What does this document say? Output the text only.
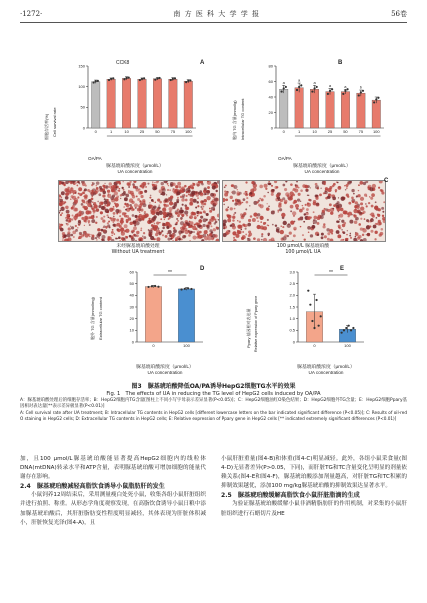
·1272·	南 方 医 科 大 学 学 报	56卷
0
50
100
150
0	1	10	25	50	75 100
A
CCK8
细胞存活率(%) Cell survival rate
OA/PA
脲基琥珀酸浓度（μmol/L）
UA concentration
0
20
40
60
80
0
a
1
a
10
a
25
a
50
a
75
b
100
B
胞内 TG 含量(mmol/g) Intracellular TG content
OA/PA
脲基琥珀酸浓度（μmol/L）
UA concentration
C
未经脲基琥珀酸处理
Without UA treatment
100 μmol/L 脲基琥珀酸
100 μmol/L UA
0
10
20
30
40
50
60
0	100
**
D
胞外 TG 含量(mmol/mg) Extracellular TG content
脲基琥珀酸浓度（μmol/L）
UA concentration
0
0.5
1.0
1.5
2.0
2.5
3.0
0	100
**
E
Ppary 基因相对表达量 Relative expression of Ppary gene
脲基琥珀酸浓度（μmol/L）
UA concentration
图3　脲基琥珀酸降低OA/PA诱导HepG2细胞TG水平的效果
Fig. 1　The effects of UA in reducing the TG level of HepG2 cells induced by OA/PA
A：脲基琥珀酸处理后的细胞存活率；B：HepG2细胞内TG含量[图柱上不同小写字母表示差异显著(P<0.05)]；C：HepG2细胞油红O染色结果；D：HepG2细胞外TG含量；E：HepG2细胞Ppary基因相对表达量[**表示差异极显著(P<0.01)]
A: Cell survival rate after UA treatment; B: Intracellular TG contents in HepG2 cells [different lowercase letters on the bar indicated significant difference (P<0.05)]; C: Results of oil-red O staining in HepG2 cells; D: Extracellular TG contents in HepG2 cells; E: Relative expression of Ppary gene in HepG2 cells [** indicated extremely significant differences (P<0.01)]

加，且100 μmol/L脲基琥珀酸能显著提高HepG2细胞内的线粒体DNA(mtDNA)转录水平和ATP含量，表明脲基琥珀酸可增加细胞的能量代谢存在影响。

2.4　脲基琥珀酸减轻高脂饮食诱导小鼠脂肪肝的发生

小鼠饲养12周结束后，采用测量瘦白处死小鼠，收集各组小鼠肝脏组织并进行拍照、称重。从形态学角度观察发现，在高脂饮食诱导小鼠日粮中添加脲基琥珀酸后，其肝脏脂肪变性程度明显减轻，其体表现为肝脏体积减小，肝脏恢复光泽(图4-A)，且

小鼠肝脏重量(图4-B)和体重(图4-C)明显减轻。此外，各组小鼠采食量(图4-D)无显著差异(P>0.05，下同)，而肝脏TG和TC含量变化呈明显的剂量依赖关系(图4-E和图4-F)，脲基琥珀酸添加剂量越高，对肝脏TG和TC积累的抑制效果越优，添加100 mg/kg脲基琥珀酸的抑制效果达显著水平。

2.5　脲基琥珀酸缓解高脂饮食小鼠肝脏脂滴的生成

为验证脲基琥珀酸缓解小鼠非酒精脂肪肝的作用机制，对采集的小鼠肝脏组织进行石蜡切片及HE
